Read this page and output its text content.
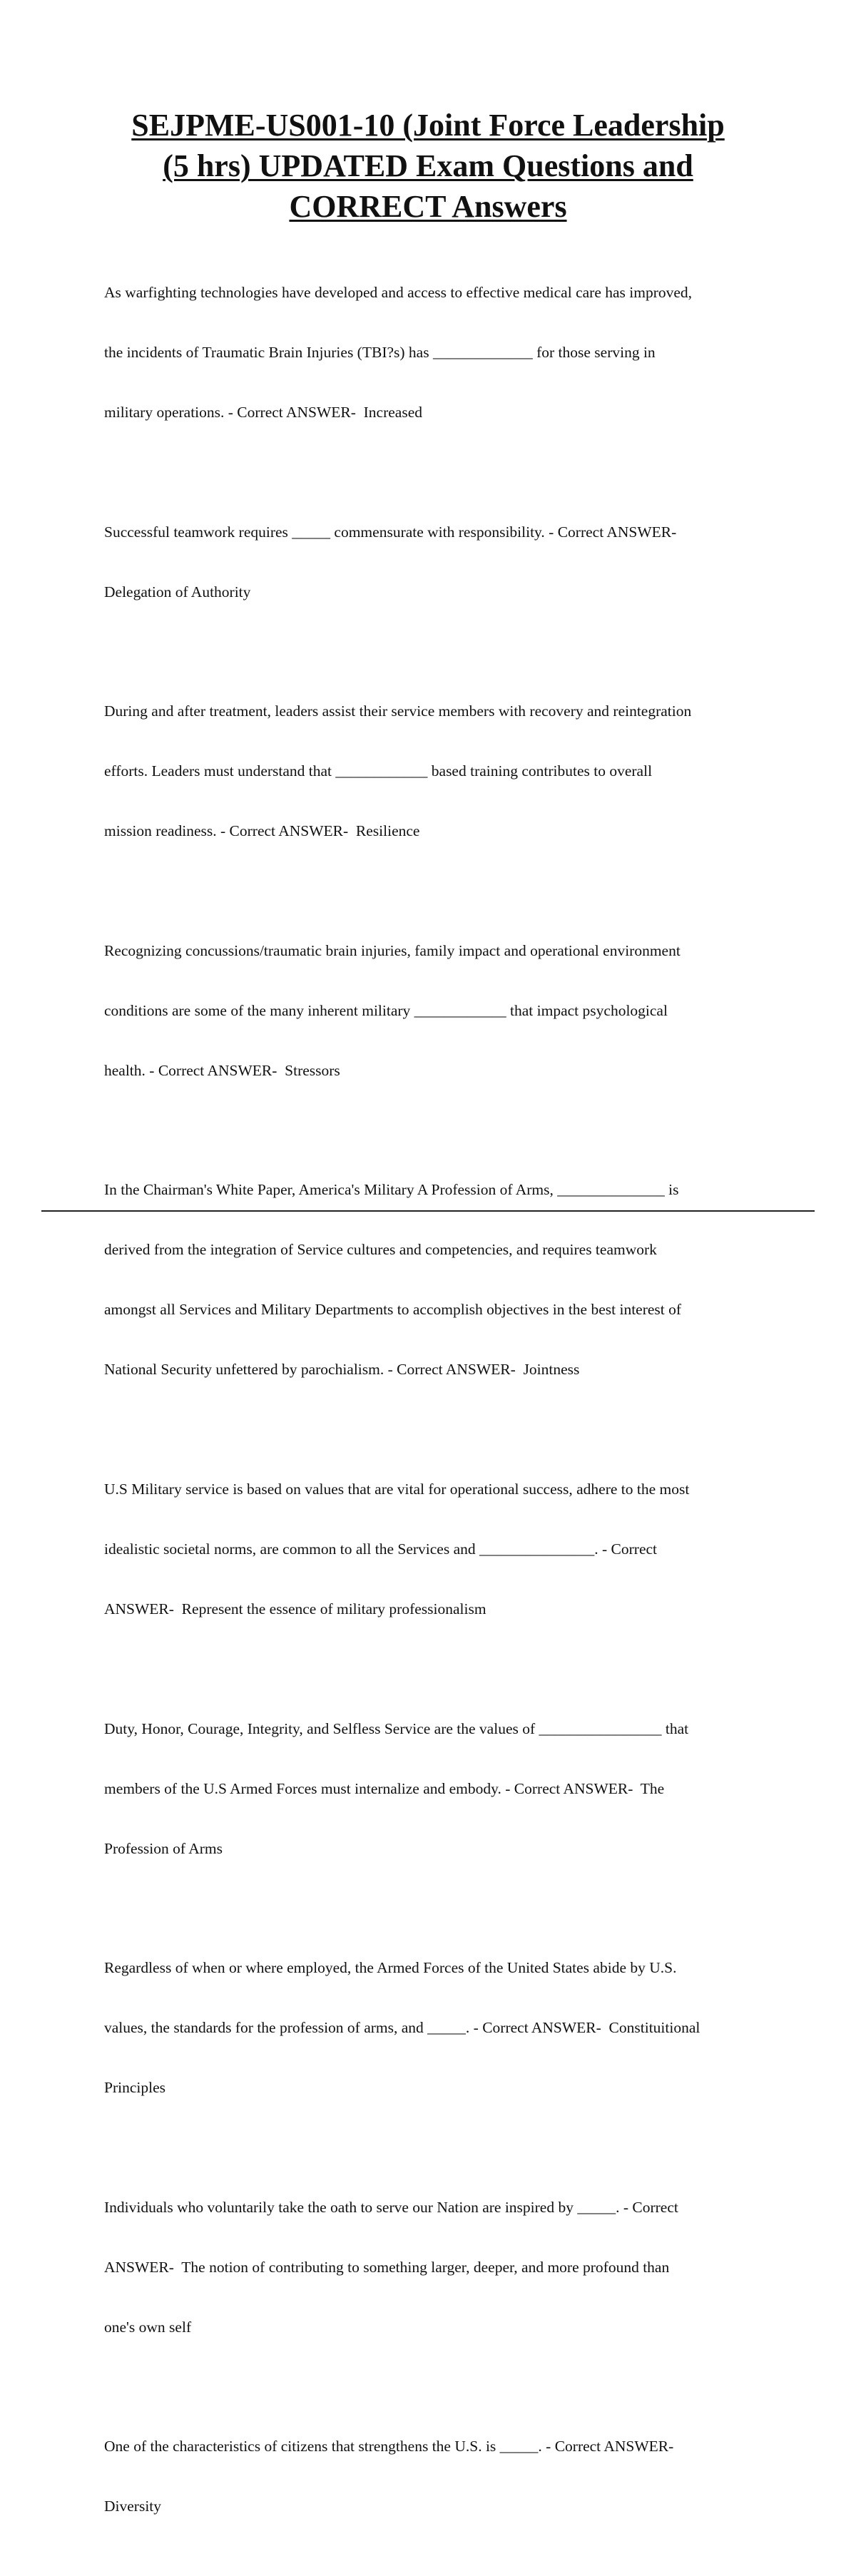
SEJPME-US001-10 (Joint Force Leadership
(5 hrs) UPDATED Exam Questions and
CORRECT Answers

As warfighting technologies have developed and access to effective medical care has improved,

the incidents of Traumatic Brain Injuries (TBI?s) has _____________ for those serving in

military operations. - Correct ANSWER-  Increased

Successful teamwork requires _____ commensurate with responsibility. - Correct ANSWER-

Delegation of Authority

During and after treatment, leaders assist their service members with recovery and reintegration

efforts. Leaders must understand that ____________ based training contributes to overall

mission readiness. - Correct ANSWER-  Resilience

Recognizing concussions/traumatic brain injuries, family impact and operational environment

conditions are some of the many inherent military ____________ that impact psychological

health. - Correct ANSWER-  Stressors

In the Chairman's White Paper, America's Military A Profession of Arms, ______________ is

derived from the integration of Service cultures and competencies, and requires teamwork

amongst all Services and Military Departments to accomplish objectives in the best interest of

National Security unfettered by parochialism. - Correct ANSWER-  Jointness

U.S Military service is based on values that are vital for operational success, adhere to the most

idealistic societal norms, are common to all the Services and _______________. - Correct

ANSWER-  Represent the essence of military professionalism

Duty, Honor, Courage, Integrity, and Selfless Service are the values of ________________ that

members of the U.S Armed Forces must internalize and embody. - Correct ANSWER-  The

Profession of Arms

Regardless of when or where employed, the Armed Forces of the United States abide by U.S.

values, the standards for the profession of arms, and _____. - Correct ANSWER-  Constituitional

Principles

Individuals who voluntarily take the oath to serve our Nation are inspired by _____. - Correct

ANSWER-  The notion of contributing to something larger, deeper, and more profound than

one's own self

One of the characteristics of citizens that strengthens the U.S. is _____. - Correct ANSWER-

Diversity
